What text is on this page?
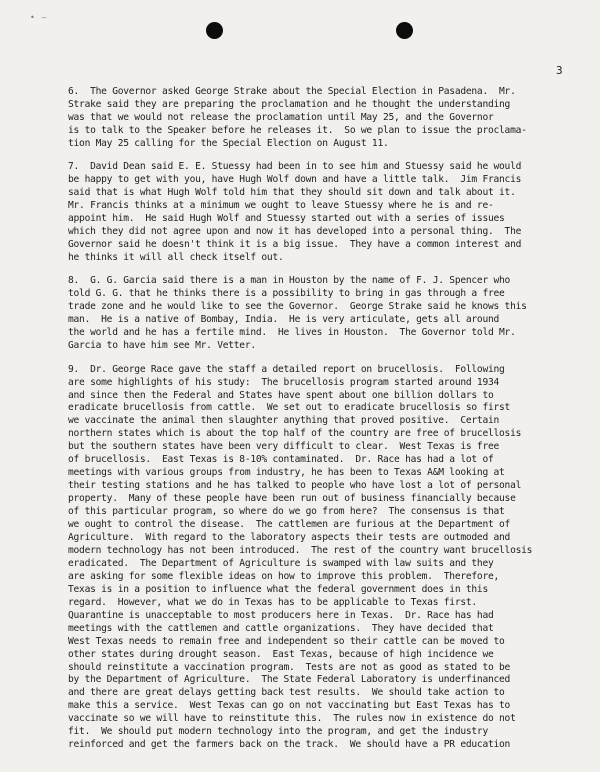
• –
3

6.  The Governor asked George Strake about the Special Election in Pasadena.  Mr.
Strake said they are preparing the proclamation and he thought the understanding
was that we would not release the proclamation until May 25, and the Governor
is to talk to the Speaker before he releases it.  So we plan to issue the proclama-
tion May 25 calling for the Special Election on August 11.

7.  David Dean said E. E. Stuessy had been in to see him and Stuessy said he would
be happy to get with you, have Hugh Wolf down and have a little talk.  Jim Francis
said that is what Hugh Wolf told him that they should sit down and talk about it.
Mr. Francis thinks at a minimum we ought to leave Stuessy where he is and re-
appoint him.  He said Hugh Wolf and Stuessy started out with a series of issues
which they did not agree upon and now it has developed into a personal thing.  The
Governor said he doesn't think it is a big issue.  They have a common interest and
he thinks it will all check itself out.

8.  G. G. Garcia said there is a man in Houston by the name of F. J. Spencer who
told G. G. that he thinks there is a possibility to bring in gas through a free
trade zone and he would like to see the Governor.  George Strake said he knows this
man.  He is a native of Bombay, India.  He is very articulate, gets all around
the world and he has a fertile mind.  He lives in Houston.  The Governor told Mr.
Garcia to have him see Mr. Vetter.

9.  Dr. George Race gave the staff a detailed report on brucellosis.  Following
are some highlights of his study:  The brucellosis program started around 1934
and since then the Federal and States have spent about one billion dollars to
eradicate brucellosis from cattle.  We set out to eradicate brucellosis so first
we vaccinate the animal then slaughter anything that proved positive.  Certain
northern states which is about the top half of the country are free of brucellosis
but the southern states have been very difficult to clear.  West Texas is free
of brucellosis.  East Texas is 8-10% contaminated.  Dr. Race has had a lot of
meetings with various groups from industry, he has been to Texas A&M looking at
their testing stations and he has talked to people who have lost a lot of personal
property.  Many of these people have been run out of business financially because
of this particular program, so where do we go from here?  The consensus is that
we ought to control the disease.  The cattlemen are furious at the Department of
Agriculture.  With regard to the laboratory aspects their tests are outmoded and
modern technology has not been introduced.  The rest of the country want brucellosis
eradicated.  The Department of Agriculture is swamped with law suits and they
are asking for some flexible ideas on how to improve this problem.  Therefore,
Texas is in a position to influence what the federal government does in this
regard.  However, what we do in Texas has to be applicable to Texas first.
Quarantine is unacceptable to most producers here in Texas.  Dr. Race has had
meetings with the cattlemen and cattle organizations.  They have decided that
West Texas needs to remain free and independent so their cattle can be moved to
other states during drought season.  East Texas, because of high incidence we
should reinstitute a vaccination program.  Tests are not as good as stated to be
by the Department of Agriculture.  The State Federal Laboratory is underfinanced
and there are great delays getting back test results.  We should take action to
make this a service.  West Texas can go on not vaccinating but East Texas has to
vaccinate so we will have to reinstitute this.  The rules now in existence do not
fit.  We should put modern technology into the program, and get the industry
reinforced and get the farmers back on the track.  We should have a PR education
